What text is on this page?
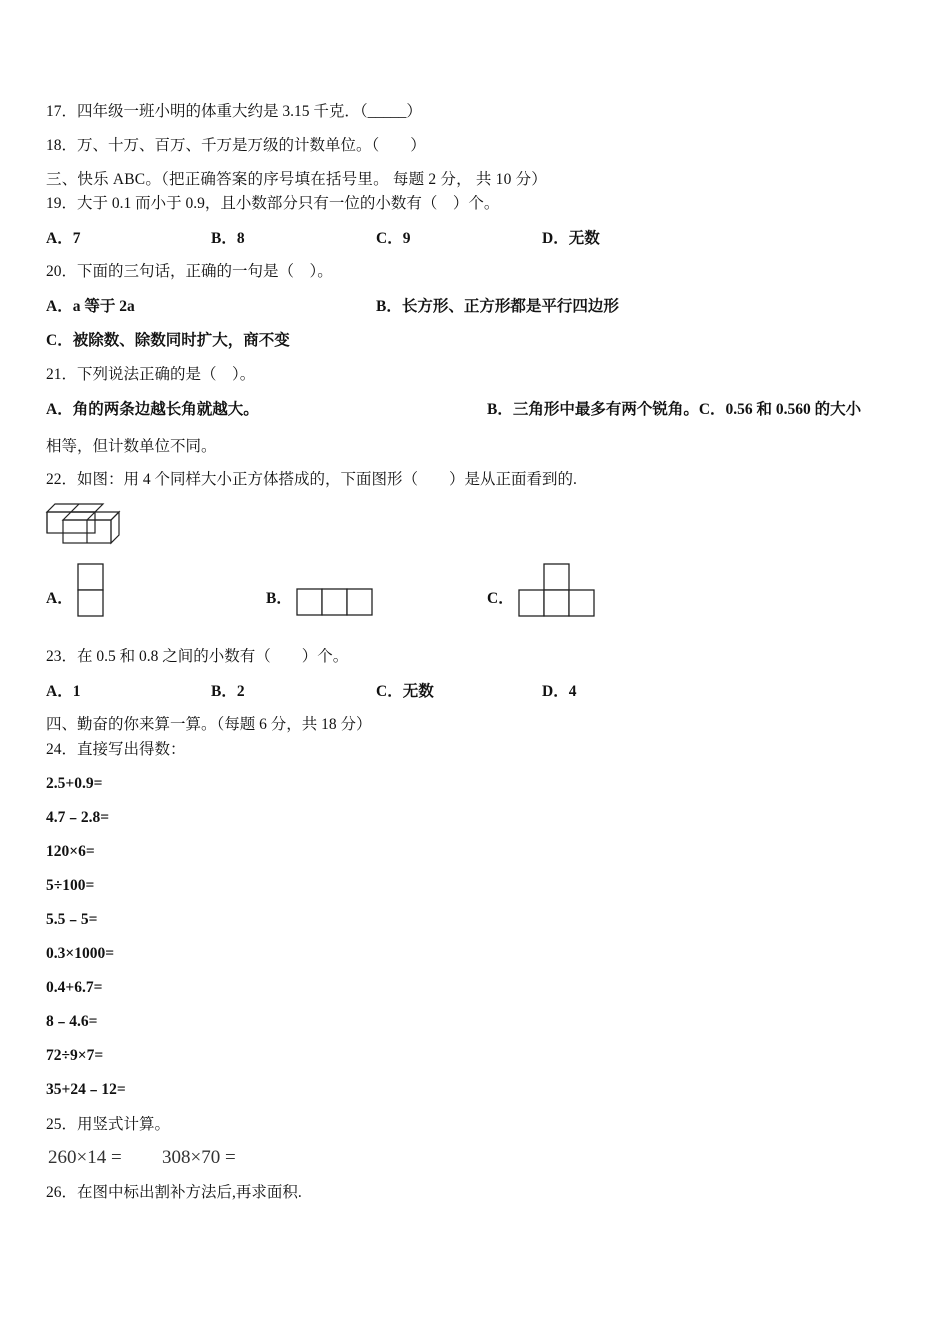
17．四年级一班小明的体重大约是 3.15 千克．（_____）
18．万、十万、百万、千万是万级的计数单位。（　　）
三、快乐 ABC。（把正确答案的序号填在括号里。 每题 2 分， 共 10 分）
19．大于 0.1 而小于 0.9，且小数部分只有一位的小数有（　）个。
A．7	B．8	C．9	D．无数
20．下面的三句话，正确的一句是（　）。
A．a 等于 2a	B．长方形、正方形都是平行四边形
C．被除数、除数同时扩大，商不变
21．下列说法正确的是（　）。
A．角的两条边越长角就越大。	B．三角形中最多有两个锐角。C．0.56 和 0.560 的大小
相等，但计数单位不同。
22．如图：用 4 个同样大小正方体搭成的，下面图形（　　）是从正面看到的.
A．	B．	C．
23．在 0.5 和 0.8 之间的小数有（　　）个。
A．1	B．2	C．无数	D．4
四、勤奋的你来算一算。（每题 6 分，共 18 分）
24．直接写出得数：
2.5+0.9=
4.7﹣2.8=
120×6=
5÷100=
5.5﹣5=
0.3×1000=
0.4+6.7=
8﹣4.6=
72÷9×7=
35+24﹣12=
25．用竖式计算。
260×14 = 308×70 =
26．在图中标出割补方法后,再求面积.
